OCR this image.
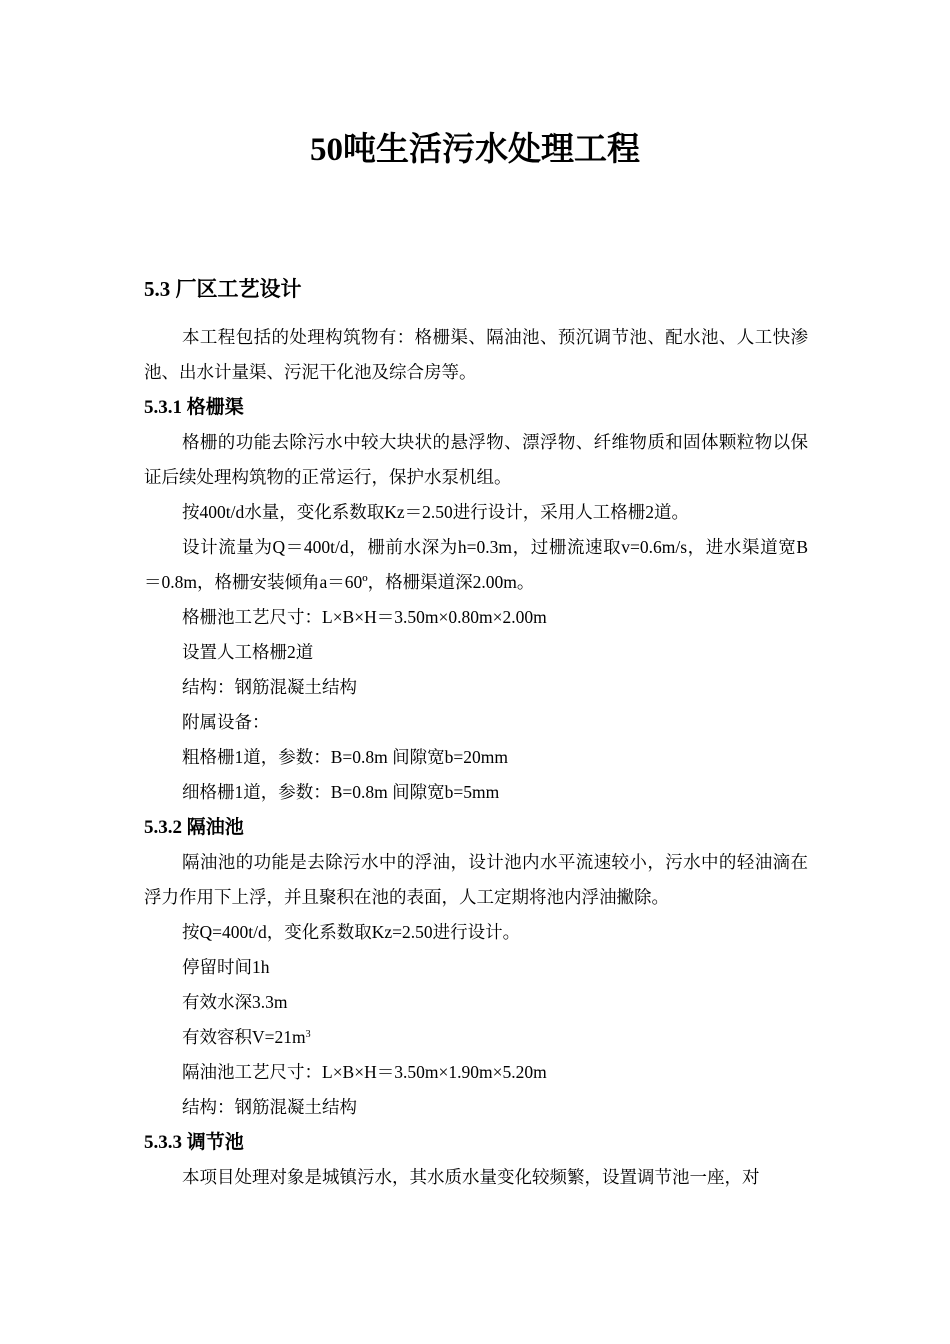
50吨生活污水处理工程
5.3 厂区工艺设计

本工程包括的处理构筑物有：格栅渠、隔油池、预沉调节池、配水池、人工快渗池、出水计量渠、污泥干化池及综合房等。

5.3.1 格栅渠

格栅的功能去除污水中较大块状的悬浮物、漂浮物、纤维物质和固体颗粒物以保证后续处理构筑物的正常运行，保护水泵机组。

按400t/d水量，变化系数取Kz＝2.50进行设计，采用人工格栅2道。

设计流量为Q＝400t/d，栅前水深为h=0.3m，过栅流速取v=0.6m/s，进水渠道宽B＝0.8m，格栅安装倾角a＝60º，格栅渠道深2.00m。

格栅池工艺尺寸：L×B×H＝3.50m×0.80m×2.00m

设置人工格栅2道

结构：钢筋混凝土结构

附属设备：

粗格栅1道，参数：B=0.8m 间隙宽b=20mm

细格栅1道，参数：B=0.8m 间隙宽b=5mm

5.3.2 隔油池

隔油池的功能是去除污水中的浮油，设计池内水平流速较小，污水中的轻油滴在浮力作用下上浮，并且聚积在池的表面，人工定期将池内浮油撇除。

按Q=400t/d，变化系数取Kz=2.50进行设计。

停留时间1h

有效水深3.3m

有效容积$V=21m^3$

隔油池工艺尺寸：L×B×H＝3.50m×1.90m×5.20m

结构：钢筋混凝土结构

5.3.3 调节池

本项目处理对象是城镇污水，其水质水量变化较频繁，设置调节池一座，对
